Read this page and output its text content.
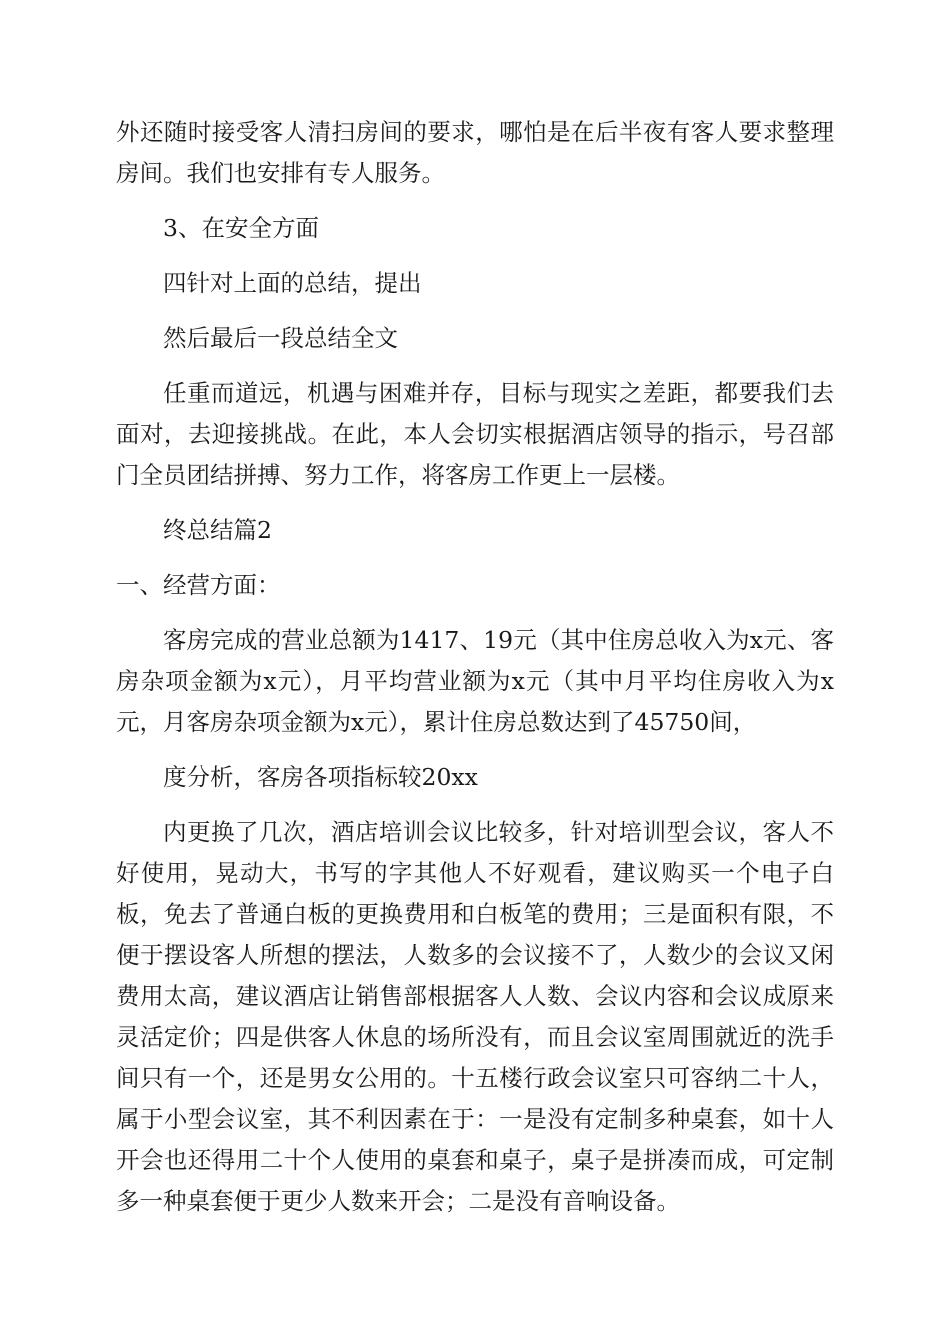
外还随时接受客人清扫房间的要求，哪怕是在后半夜有客人要求整理房间。我们也安排有专人服务。

3、在安全方面

四针对上面的总结，提出

然后最后一段总结全文

任重而道远，机遇与困难并存，目标与现实之差距，都要我们去面对，去迎接挑战。在此，本人会切实根据酒店领导的指示，号召部门全员团结拼搏、努力工作，将客房工作更上一层楼。

终总结篇2

一、经营方面：

客房完成的营业总额为1417、19元（其中住房总收入为x元、客房杂项金额为x元），月平均营业额为x元（其中月平均住房收入为x元，月客房杂项金额为x元），累计住房总数达到了45750间，

度分析，客房各项指标较20xx

内更换了几次，酒店培训会议比较多，针对培训型会议，客人不好使用，晃动大，书写的字其他人不好观看，建议购买一个电子白板，免去了普通白板的更换费用和白板笔的费用；三是面积有限，不便于摆设客人所想的摆法，人数多的会议接不了，人数少的会议又闲费用太高，建议酒店让销售部根据客人人数、会议内容和会议成原来灵活定价；四是供客人休息的场所没有，而且会议室周围就近的洗手间只有一个，还是男女公用的。十五楼行政会议室只可容纳二十人，属于小型会议室，其不利因素在于：一是没有定制多种桌套，如十人开会也还得用二十个人使用的桌套和桌子，桌子是拼凑而成，可定制多一种桌套便于更少人数来开会；二是没有音响设备。
